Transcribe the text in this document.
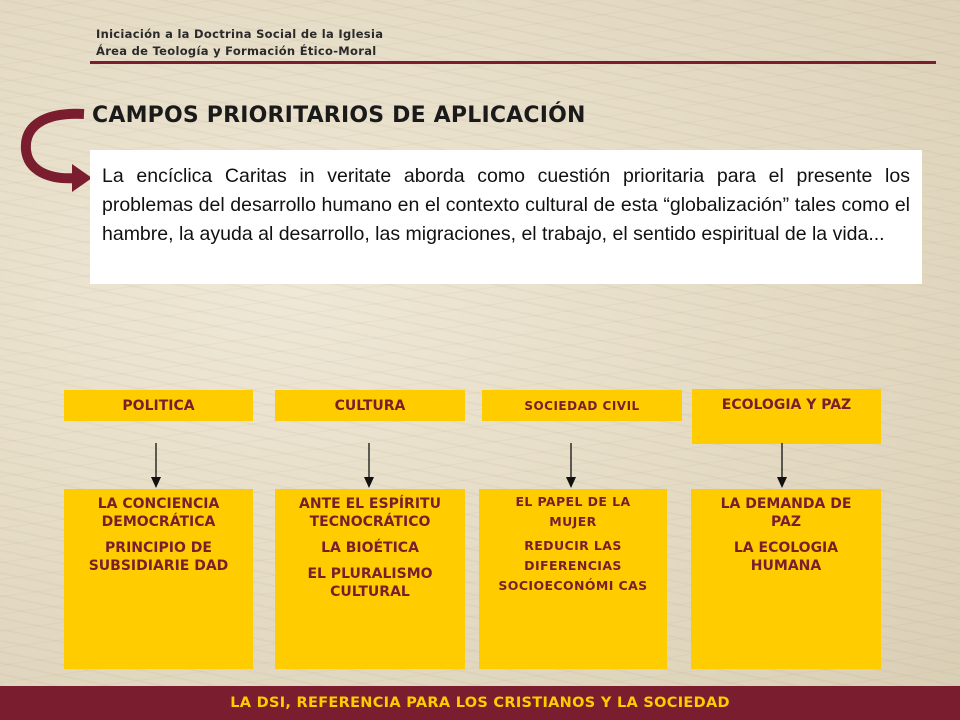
Iniciación a la Doctrina Social de la Iglesia
Área de Teología y Formación Ético-Moral
CAMPOS PRIORITARIOS DE APLICACIÓN
La encíclica Caritas in veritate aborda como cuestión prioritaria para el presente los problemas del desarrollo humano en el contexto cultural de esta “globalización” tales como el hambre, la ayuda al desarrollo, las migraciones, el trabajo, el sentido espiritual de la vida...
POLITICA	CULTURA	SOCIEDAD CIVIL	ECOLOGIA Y PAZ

LA CONCIENCIA DEMOCRÁTICA

PRINCIPIO DE SUBSIDIARIE DAD

ANTE EL ESPÍRITU TECNOCRÁTICO

LA BIOÉTICA

EL PLURALISMO CULTURAL

EL PAPEL DE LA MUJER

REDUCIR LAS DIFERENCIAS SOCIOECONÓMI CAS

LA DEMANDA DE PAZ

LA ECOLOGIA HUMANA

LA DSI, REFERENCIA PARA LOS CRISTIANOS Y LA SOCIEDAD
